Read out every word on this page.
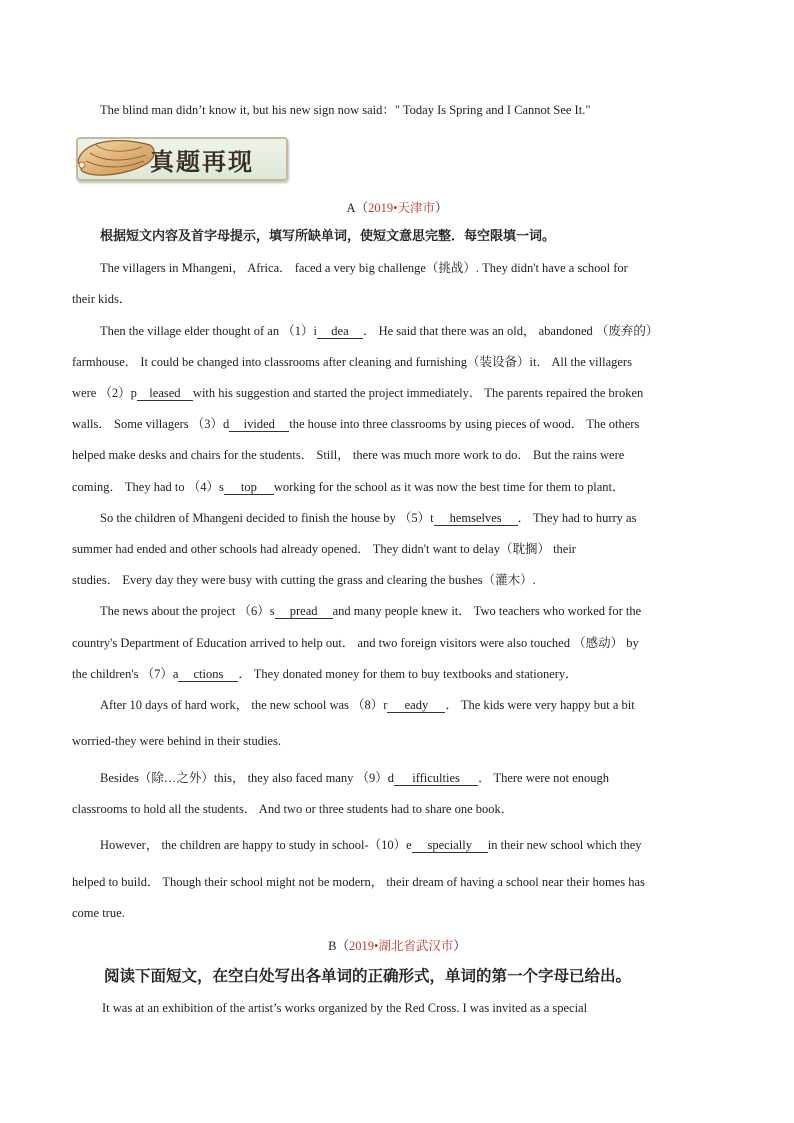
The blind man didn’t know it, but his new sign now said：" Today Is Spring and I Cannot See It."
真题再现
A（2019•天津市）
根据短文内容及首字母提示，填写所缺单词，使短文意思完整．每空限填一词。
The villagers in Mhangeni， Africa． faced a very big challenge（挑战）. They didn't have a school for
their kids．
Then the village elder thought of an （1）i dea ． He said that there was an old， abandoned （废弃的）
farmhouse． It could be changed into classrooms after cleaning and furnishing（装设备）it． All the villagers
were （2）p leased with his suggestion and started the project immediately． The parents repaired the broken
walls． Some villagers （3）d ivided the house into three classrooms by using pieces of wood． The others
helped make desks and chairs for the students． Still， there was much more work to do． But the rains were
coming． They had to （4）s top working for the school as it was now the best time for them to plant．
So the children of Mhangeni decided to finish the house by （5）t hemselves ． They had to hurry as
summer had ended and other schools had already opened． They didn't want to delay（耽搁） their
studies． Every day they were busy with cutting the grass and clearing the bushes（灌木）.
The news about the project （6）s pread and many people knew it． Two teachers who worked for the
country's Department of Education arrived to help out． and two foreign visitors were also touched （感动） by
the children's （7）a ctions ． They donated money for them to buy textbooks and stationery．
After 10 days of hard work， the new school was （8）r eady ． The kids were very happy but a bit
worried-they were behind in their studies.
Besides（除…之外）this， they also faced many （9）d ifficulties ． There were not enough
classrooms to hold all the students． And two or three students had to share one book．
However， the children are happy to study in school-（10）e specially in their new school which they
helped to build． Though their school might not be modern， their dream of having a school near their homes has
come true.
B（2019•湖北省武汉市）
阅读下面短文，在空白处写出各单词的正确形式，单词的第一个字母已给出。
It was at an exhibition of the artist’s works organized by the Red Cross. I was invited as a special
